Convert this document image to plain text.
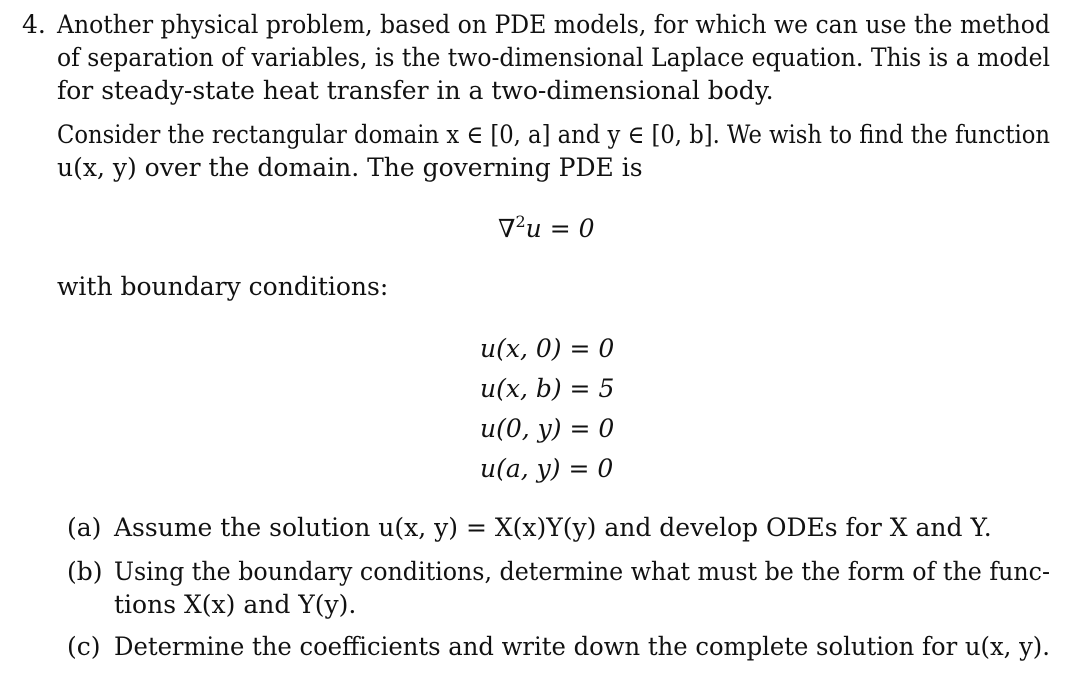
4. Another physical problem, based on PDE models, for which we can use the method
of separation of variables, is the two-dimensional Laplace equation. This is a model
for steady-state heat transfer in a two-dimensional body.
Consider the rectangular domain x ∈ [0, a] and y ∈ [0, b]. We wish to find the function
u(x, y) over the domain. The governing PDE is
∇$^2$u = 0
with boundary conditions:
u(x, 0) = 0
u(x, b) = 5
u(0, y) = 0
u(a, y) = 0
(a) Assume the solution u(x, y) = X(x)Y(y) and develop ODEs for X and Y.
(b) Using the boundary conditions, determine what must be the form of the func-
tions X(x) and Y(y).
(c) Determine the coefficients and write down the complete solution for u(x, y).
